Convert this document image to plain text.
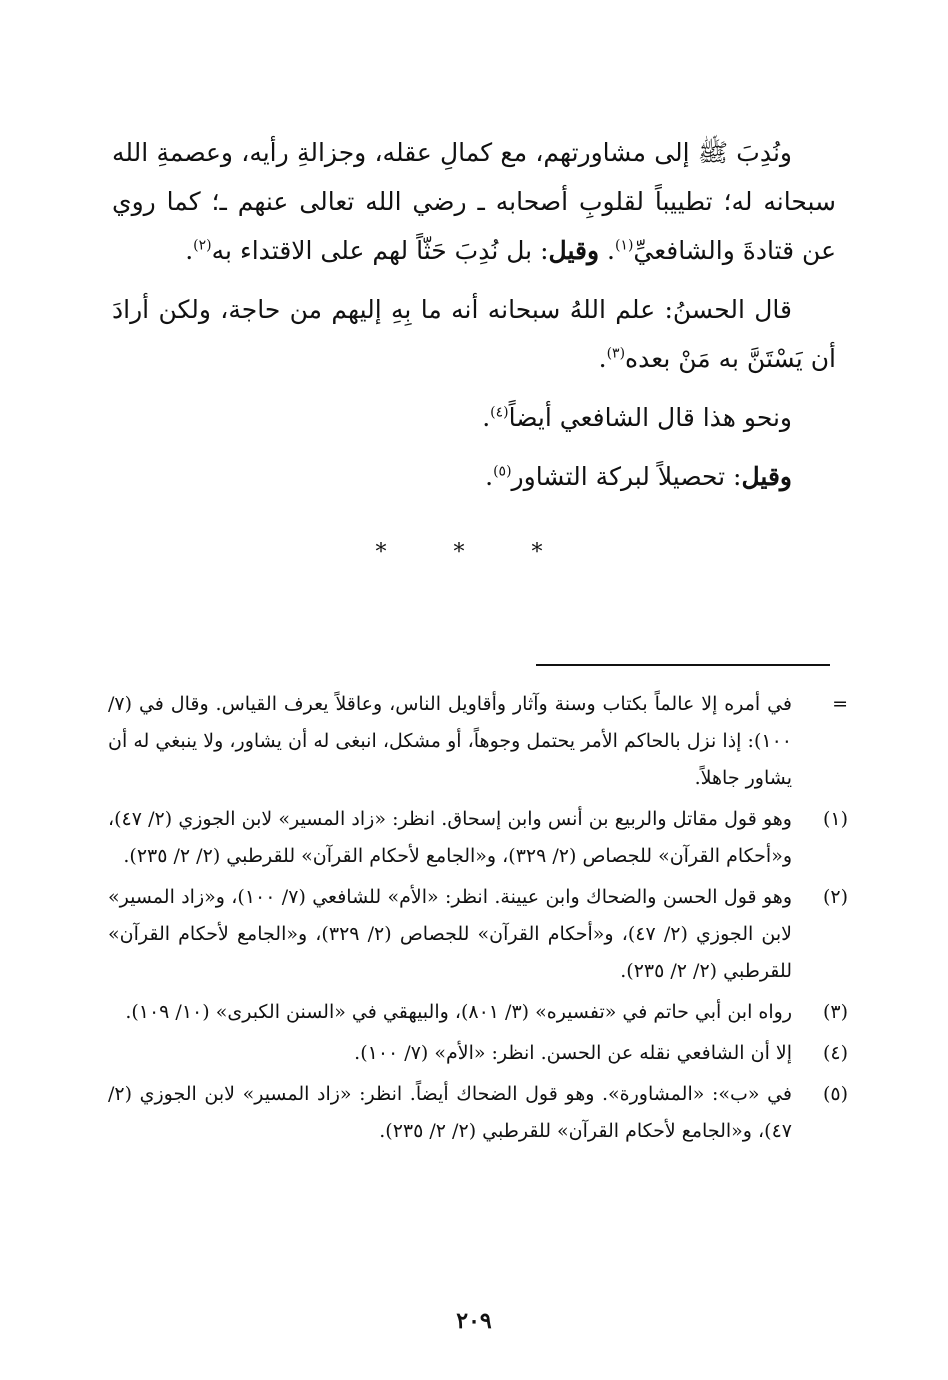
ونُدِبَ ﷺ إلى مشاورتهم، مع كمالِ عقله، وجزالةِ رأيه، وعصمةِ الله سبحانه له؛ تطييباً لقلوبِ أصحابه ـ رضي الله تعالى عنهم ـ؛ كما روي عن قتادةَ والشافعيِّ$^{(١)}$. وقيل: بل نُدِبَ حَثّاً لهم على الاقتداء به$^{(٢)}$.

قال الحسنُ: علم اللهُ سبحانه أنه ما بِهِ إليهم من حاجة، ولكن أرادَ أن يَسْتَنَّ به مَنْ بعده$^{(٣)}$.

ونحو هذا قال الشافعي أيضاً$^{(٤)}$.

وقيل: تحصيلاً لبركة التشاور$^{(٥)}$.

* * *
=
في أمره إلا عالماً بكتاب وسنة وآثار وأقاويل الناس، وعاقلاً يعرف القياس. وقال في (٧/ ١٠٠): إذا نزل بالحاكم الأمر يحتمل وجوهاً، أو مشكل، انبغى له أن يشاور، ولا ينبغي له أن يشاور جاهلاً.
(١)
وهو قول مقاتل والربيع بن أنس وابن إسحاق. انظر: «زاد المسير» لابن الجوزي (٢/ ٤٧)، و«أحكام القرآن» للجصاص (٢/ ٣٢٩)، و«الجامع لأحكام القرآن» للقرطبي (٢/ ٢/ ٢٣٥).
(٢)
وهو قول الحسن والضحاك وابن عيينة. انظر: «الأم» للشافعي (٧/ ١٠٠)، و«زاد المسير» لابن الجوزي (٢/ ٤٧)، و«أحكام القرآن» للجصاص (٢/ ٣٢٩)، و«الجامع لأحكام القرآن» للقرطبي (٢/ ٢/ ٢٣٥).
(٣)
رواه ابن أبي حاتم في «تفسيره» (٣/ ٨٠١)، والبيهقي في «السنن الكبرى» (١٠/ ١٠٩).
(٤)
إلا أن الشافعي نقله عن الحسن. انظر: «الأم» (٧/ ١٠٠).
(٥)
في «ب»: «المشاورة». وهو قول الضحاك أيضاً. انظر: «زاد المسير» لابن الجوزي (٢/ ٤٧)، و«الجامع لأحكام القرآن» للقرطبي (٢/ ٢/ ٢٣٥).
٢٠٩
